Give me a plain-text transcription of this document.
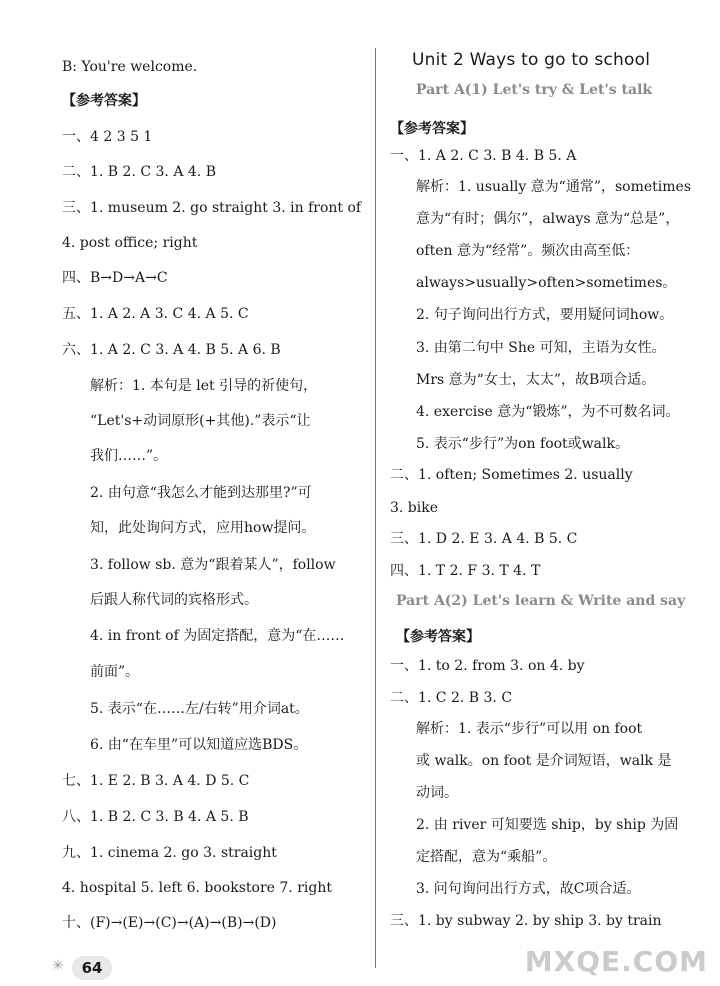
B: You're welcome.
【参考答案】
一、4 2 3 5 1
二、1. B 2. C 3. A 4. B
三、1. museum 2. go straight 3. in front of
4. post office; right
四、B→D→A→C
五、1. A 2. A 3. C 4. A 5. C
六、1. A 2. C 3. A 4. B 5. A 6. B
解析：1. 本句是 let 引导的祈使句，
“Let's+动词原形(+其他).”表示“让
我们……”。
2. 由句意“我怎么才能到达那里?”可
知，此处询问方式，应用how提问。
3. follow sb. 意为“跟着某人”，follow
后跟人称代词的宾格形式。
4. in front of 为固定搭配，意为“在……
前面”。
5. 表示“在……左/右转”用介词at。
6. 由“在车里”可以知道应选BDS。
七、1. E 2. B 3. A 4. D 5. C
八、1. B 2. C 3. B 4. A 5. B
九、1. cinema 2. go 3. straight
4. hospital 5. left 6. bookstore 7. right
十、(F)→(E)→(C)→(A)→(B)→(D)
Unit 2 Ways to go to school
Part A(1) Let's try & Let's talk
【参考答案】
一、1. A 2. C 3. B 4. B 5. A
解析：1. usually 意为“通常”，sometimes
意为“有时；偶尔”，always 意为“总是”，
often 意为“经常”。频次由高至低：
always>usually>often>sometimes。
2. 句子询问出行方式，要用疑问词how。
3. 由第二句中 She 可知，主语为女性。
Mrs 意为“女士，太太”，故B项合适。
4. exercise 意为“锻炼”，为不可数名词。
5. 表示“步行”为on foot或walk。
二、1. often; Sometimes 2. usually
3. bike
三、1. D 2. E 3. A 4. B 5. C
四、1. T 2. F 3. T 4. T
Part A(2) Let's learn & Write and say
【参考答案】
一、1. to 2. from 3. on 4. by
二、1. C 2. B 3. C
解析：1. 表示“步行”可以用 on foot
或 walk。on foot 是介词短语，walk 是
动词。
2. 由 river 可知要选 ship，by ship 为固
定搭配，意为“乘船”。
3. 问句询问出行方式，故C项合适。
三、1. by subway 2. by ship 3. by train
✳	64	MXQE.COM
